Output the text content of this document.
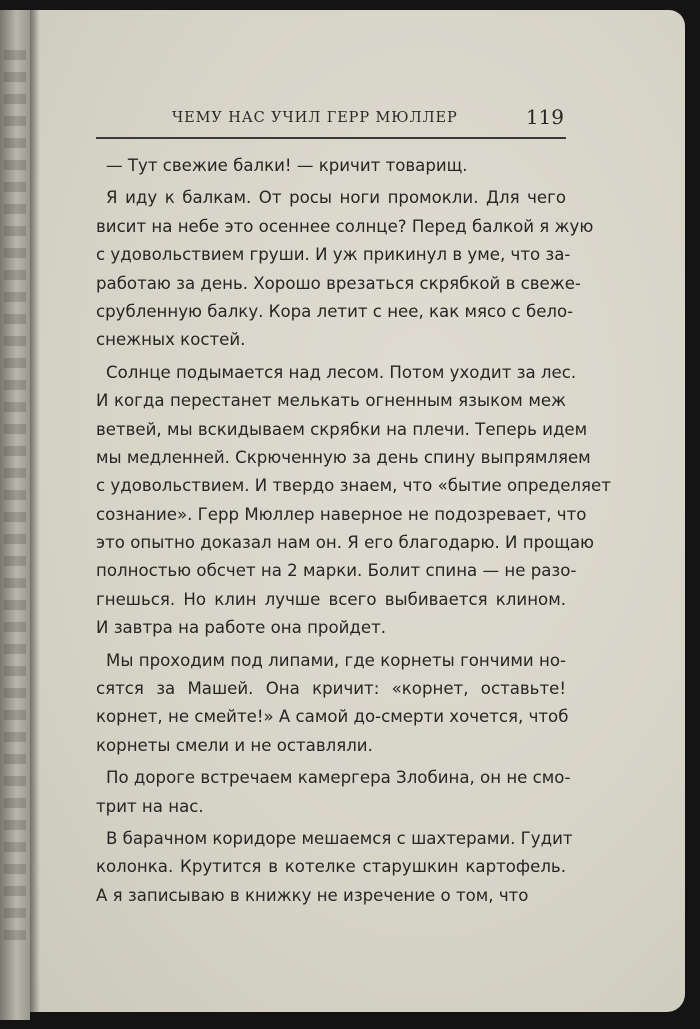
ЧЕМУ НАС УЧИЛ ГЕРР МЮЛЛЕР	119
— Тут свежие балки! — кричит товарищ.
Я иду к балкам. От росы ноги промокли. Для чего
висит на небе это осеннее солнце? Перед балкой я жую
с удовольствием груши. И уж прикинул в уме, что за-
работаю за день. Хорошо врезаться скрябкой в свеже-
срубленную балку. Кора летит с нее, как мясо с бело-
снежных костей.
Солнце подымается над лесом. Потом уходит за лес.
И когда перестанет мелькать огненным языком меж
ветвей, мы вскидываем скрябки на плечи. Теперь идем
мы медленней. Скрюченную за день спину выпрямляем
с удовольствием. И твердо знаем, что «бытие определяет
сознание». Герр Мюллер наверное не подозревает, что
это опытно доказал нам он. Я его благодарю. И прощаю
полностью обсчет на 2 марки. Болит спина — не разо-
гнешься. Но клин лучше всего выбивается клином.
И завтра на работе она пройдет.
Мы проходим под липами, где корнеты гончими но-
сятся за Машей. Она кричит: «корнет, оставьте!
корнет, не смейте!» А самой до-смерти хочется, чтоб
корнеты смели и не оставляли.
По дороге встречаем камергера Злобина, он не смо-
трит на нас.
В барачном коридоре мешаемся с шахтерами. Гудит
колонка. Крутится в котелке старушкин картофель.
А я записываю в книжку не изречение о том, что
